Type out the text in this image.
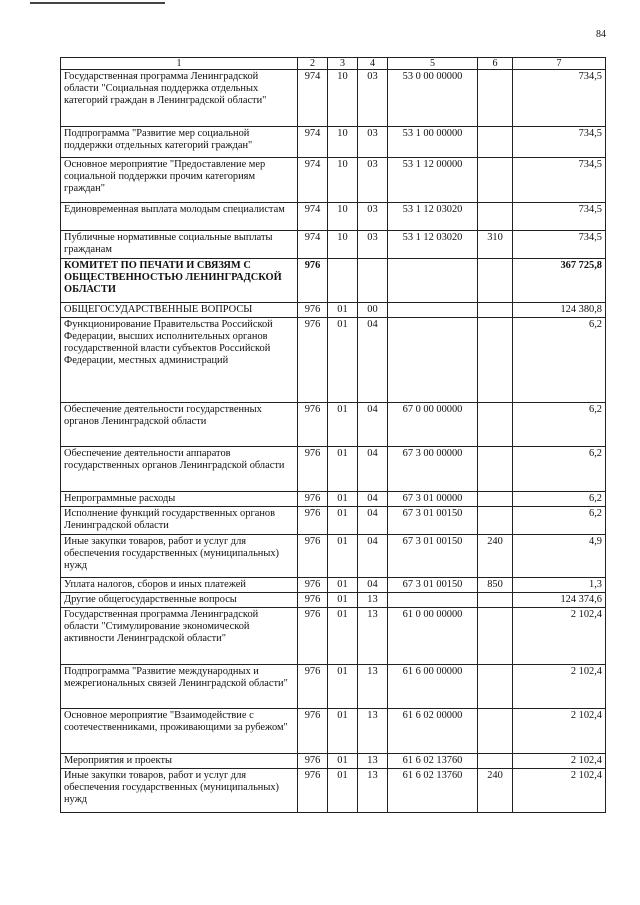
84
1	2	3	4	5	6	7
Государственная программа Ленинградской области "Социальная поддержка отдельных категорий граждан в Ленинградской области"	974	10	03	53 0 00 00000		734,5
Подпрограмма "Развитие мер социальной поддержки отдельных категорий граждан"	974	10	03	53 1 00 00000		734,5
Основное мероприятие "Предоставление мер социальной поддержки прочим категориям граждан"	974	10	03	53 1 12 00000		734,5
Единовременная выплата молодым специалистам	974	10	03	53 1 12 03020		734,5
Публичные нормативные социальные выплаты гражданам	974	10	03	53 1 12 03020	310	734,5
КОМИТЕТ ПО ПЕЧАТИ И СВЯЗЯМ С ОБЩЕСТВЕННОСТЬЮ ЛЕНИНГРАДСКОЙ ОБЛАСТИ	976					367 725,8
ОБЩЕГОСУДАРСТВЕННЫЕ ВОПРОСЫ	976	01	00			124 380,8
Функционирование Правительства Российской Федерации, высших исполнительных органов государственной власти субъектов Российской Федерации, местных администраций	976	01	04			6,2
Обеспечение деятельности государственных органов Ленинградской области	976	01	04	67 0 00 00000		6,2
Обеспечение деятельности аппаратов государственных органов Ленинградской области	976	01	04	67 3 00 00000		6,2
Непрограммные расходы	976	01	04	67 3 01 00000		6,2
Исполнение функций государственных органов Ленинградской области	976	01	04	67 3 01 00150		6,2
Иные закупки товаров, работ и услуг для обеспечения государственных (муниципальных) нужд	976	01	04	67 3 01 00150	240	4,9
Уплата налогов, сборов и иных платежей	976	01	04	67 3 01 00150	850	1,3
Другие общегосударственные вопросы	976	01	13			124 374,6
Государственная программа Ленинградской области "Стимулирование экономической активности Ленинградской области"	976	01	13	61 0 00 00000		2 102,4
Подпрограмма "Развитие международных и межрегиональных связей Ленинградской области"	976	01	13	61 6 00 00000		2 102,4
Основное мероприятие "Взаимодействие с соотечественниками, проживающими за рубежом"	976	01	13	61 6 02 00000		2 102,4
Мероприятия и проекты	976	01	13	61 6 02 13760		2 102,4
Иные закупки товаров, работ и услуг для обеспечения государственных (муниципальных) нужд	976	01	13	61 6 02 13760	240	2 102,4
